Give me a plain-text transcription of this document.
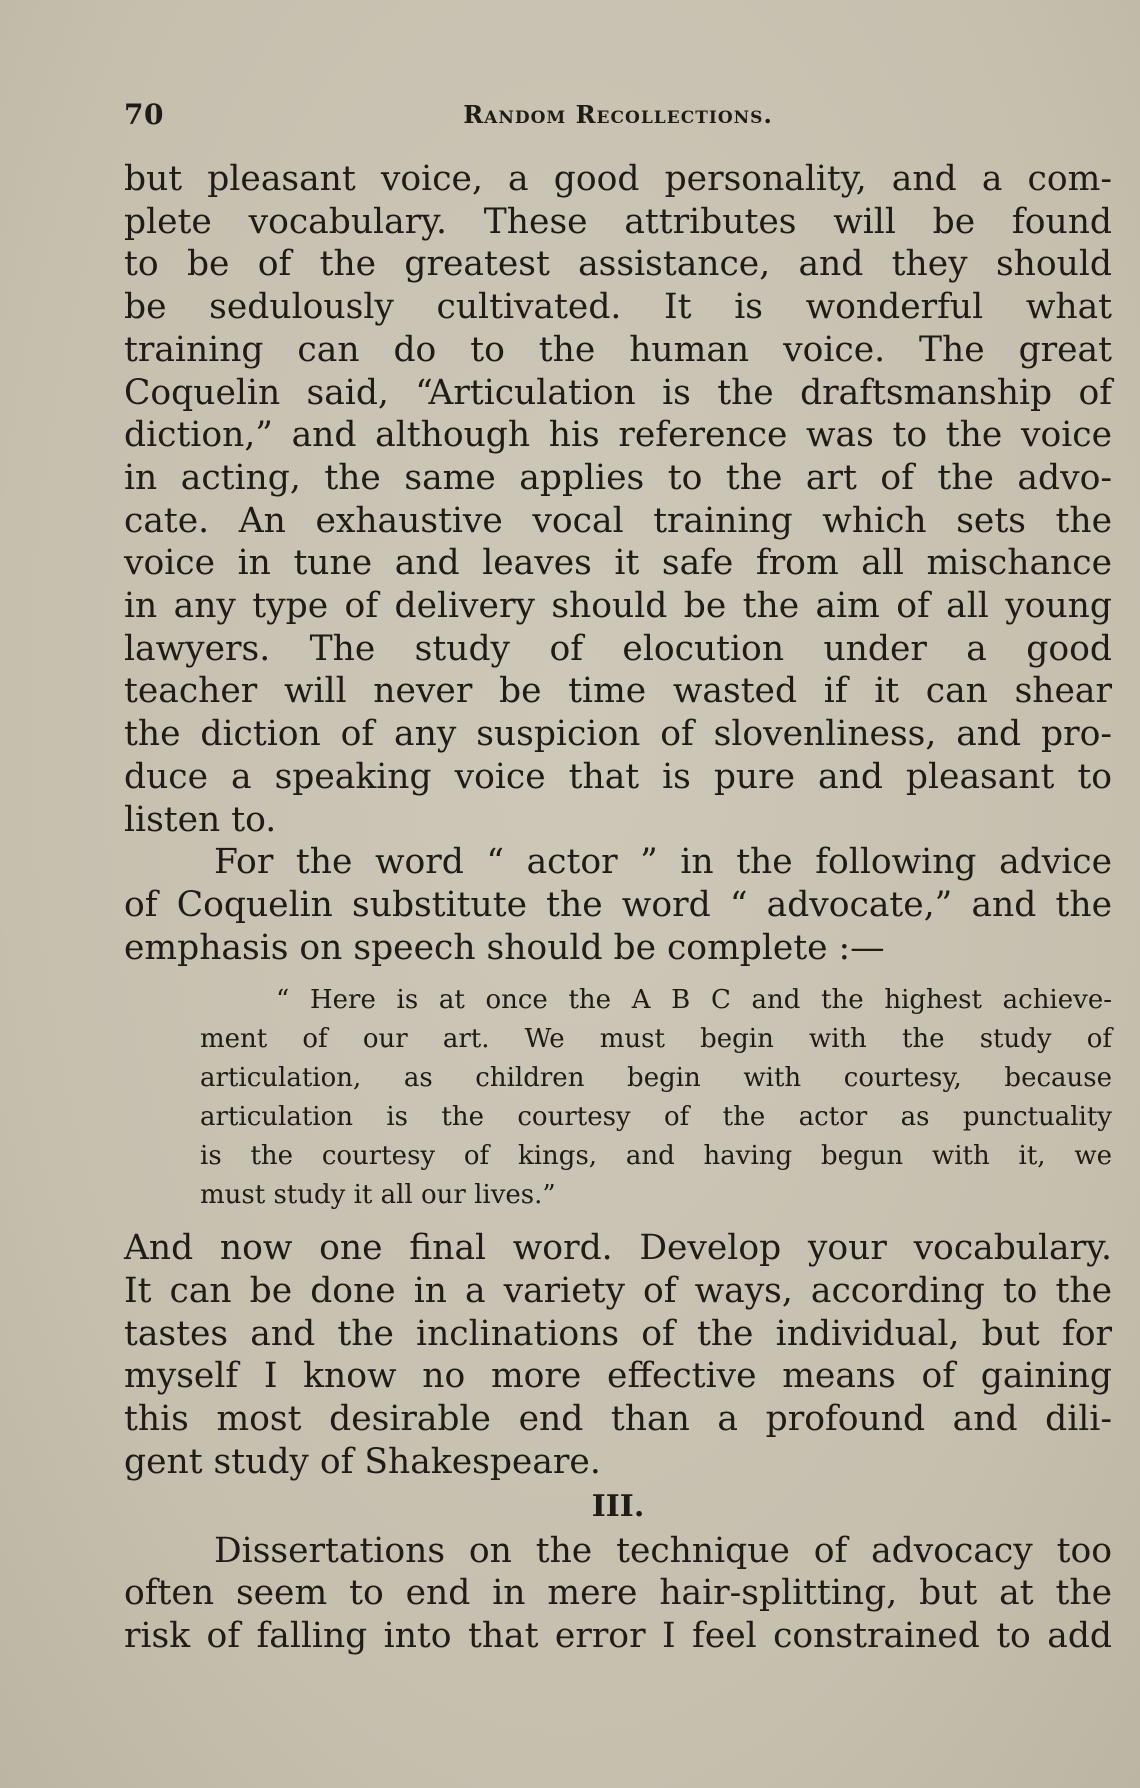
70	Random Recollections.

but pleasant voice, a good personality, and a com-

plete vocabulary. These attributes will be found

to be of the greatest assistance, and they should

be sedulously cultivated. It is wonderful what

training can do to the human voice. The great

Coquelin said, “Articulation is the draftsmanship of

diction,” and although his reference was to the voice

in acting, the same applies to the art of the advo-

cate. An exhaustive vocal training which sets the

voice in tune and leaves it safe from all mischance

in any type of delivery should be the aim of all young

lawyers. The study of elocution under a good

teacher will never be time wasted if it can shear

the diction of any suspicion of slovenliness, and pro-

duce a speaking voice that is pure and pleasant to

listen to.

For the word “ actor ” in the following advice

of Coquelin substitute the word “ advocate,” and the

emphasis on speech should be complete :—

“ Here is at once the A B C and the highest achieve-

ment of our art. We must begin with the study of

articulation, as children begin with courtesy, because

articulation is the courtesy of the actor as punctuality

is the courtesy of kings, and having begun with it, we

must study it all our lives.”

And now one final word. Develop your vocabulary.

It can be done in a variety of ways, according to the

tastes and the inclinations of the individual, but for

myself I know no more effective means of gaining

this most desirable end than a profound and dili-

gent study of Shakespeare.

III.

Dissertations on the technique of advocacy too

often seem to end in mere hair-splitting, but at the

risk of falling into that error I feel constrained to add
